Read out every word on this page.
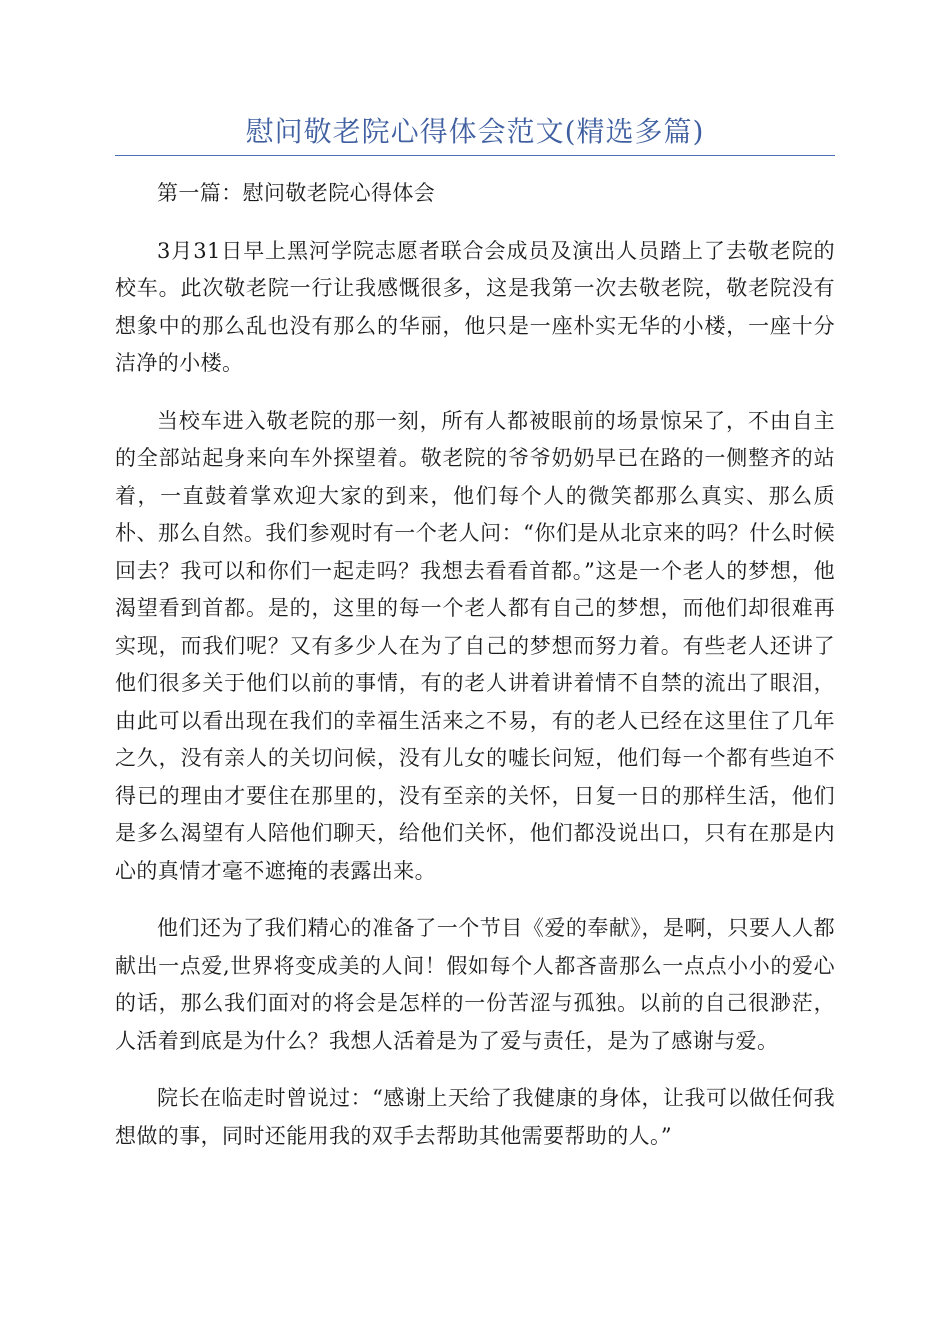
慰问敬老院心得体会范文(精选多篇)

第一篇：慰问敬老院心得体会

3月31日早上黑河学院志愿者联合会成员及演出人员踏上了去敬老院的校车。此次敬老院一行让我感慨很多，这是我第一次去敬老院，敬老院没有想象中的那么乱也没有那么的华丽，他只是一座朴实无华的小楼，一座十分洁净的小楼。

当校车进入敬老院的那一刻，所有人都被眼前的场景惊呆了，不由自主的全部站起身来向车外探望着。敬老院的爷爷奶奶早已在路的一侧整齐的站着，一直鼓着掌欢迎大家的到来，他们每个人的微笑都那么真实、那么质朴、那么自然。我们参观时有一个老人问：“你们是从北京来的吗？什么时候回去？我可以和你们一起走吗？我想去看看首都。”这是一个老人的梦想，他渴望看到首都。是的，这里的每一个老人都有自己的梦想，而他们却很难再实现，而我们呢？又有多少人在为了自己的梦想而努力着。有些老人还讲了他们很多关于他们以前的事情，有的老人讲着讲着情不自禁的流出了眼泪，由此可以看出现在我们的幸福生活来之不易，有的老人已经在这里住了几年之久，没有亲人的关切问候，没有儿女的嘘长问短，他们每一个都有些迫不得已的理由才要住在那里的，没有至亲的关怀，日复一日的那样生活，他们是多么渴望有人陪他们聊天，给他们关怀，他们都没说出口，只有在那是内心的真情才毫不遮掩的表露出来。

他们还为了我们精心的准备了一个节目《爱的奉献》，是啊，只要人人都献出一点爱,世界将变成美的人间！假如每个人都吝啬那么一点点小小的爱心的话，那么我们面对的将会是怎样的一份苦涩与孤独。以前的自己很渺茫，人活着到底是为什么？我想人活着是为了爱与责任，是为了感谢与爱。

院长在临走时曾说过：“感谢上天给了我健康的身体，让我可以做任何我想做的事，同时还能用我的双手去帮助其他需要帮助的人。”
